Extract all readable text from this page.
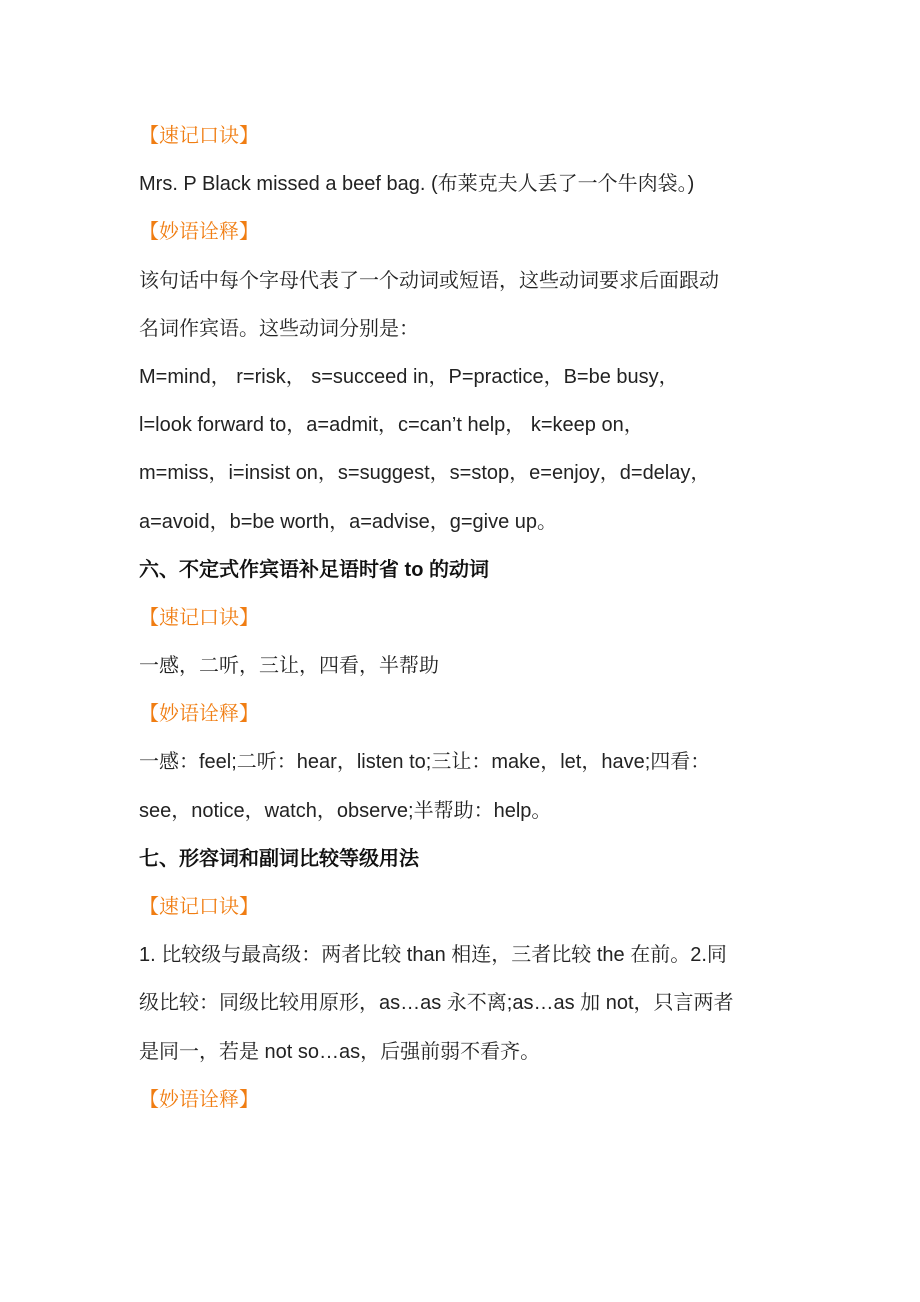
【速记口诀】
Mrs. P Black missed a beef bag. (布莱克夫人丢了一个牛肉袋。)
【妙语诠释】
该句话中每个字母代表了一个动词或短语，这些动词要求后面跟动
名词作宾语。这些动词分别是：
M=mind， r=risk， s=succeed in，P=practice，B=be busy，
l=look forward to，a=admit，c=can’t help， k=keep on，
m=miss，i=insist on，s=suggest，s=stop，e=enjoy，d=delay，
a=avoid，b=be worth，a=advise，g=give up。
六、不定式作宾语补足语时省 to 的动词
【速记口诀】
一感，二听，三让，四看，半帮助
【妙语诠释】
一感：feel;二听：hear，listen to;三让：make，let，have;四看：
see，notice，watch，observe;半帮助：help。
七、形容词和副词比较等级用法
【速记口诀】
1. 比较级与最高级：两者比较 than 相连，三者比较 the 在前。2.同
级比较：同级比较用原形，as…as 永不离;as…as 加 not，只言两者
是同一，若是 not so…as，后强前弱不看齐。
【妙语诠释】
